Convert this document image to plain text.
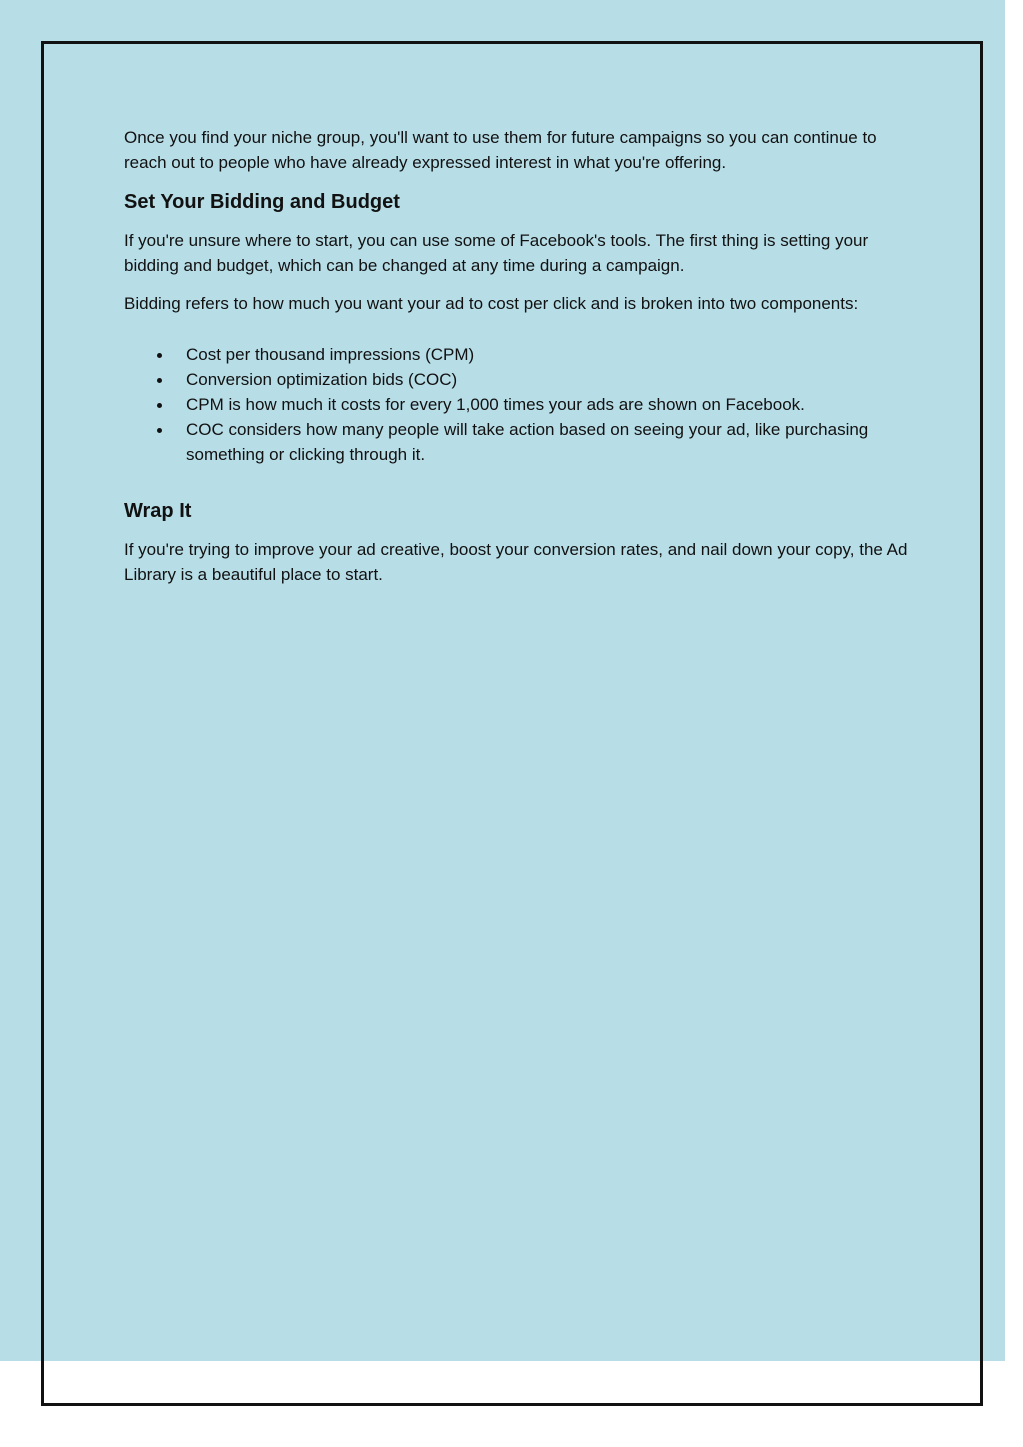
Once you find your niche group, you'll want to use them for future campaigns so you can continue to reach out to people who have already expressed interest in what you're offering.

Set Your Bidding and Budget

If you're unsure where to start, you can use some of Facebook's tools. The first thing is setting your bidding and budget, which can be changed at any time during a campaign.

Bidding refers to how much you want your ad to cost per click and is broken into two components:

Cost per thousand impressions (CPM)
Conversion optimization bids (COC)
CPM is how much it costs for every 1,000 times your ads are shown on Facebook.
COC considers how many people will take action based on seeing your ad, like purchasing something or clicking through it.
Wrap It

If you're trying to improve your ad creative, boost your conversion rates, and nail down your copy, the Ad Library is a beautiful place to start.
